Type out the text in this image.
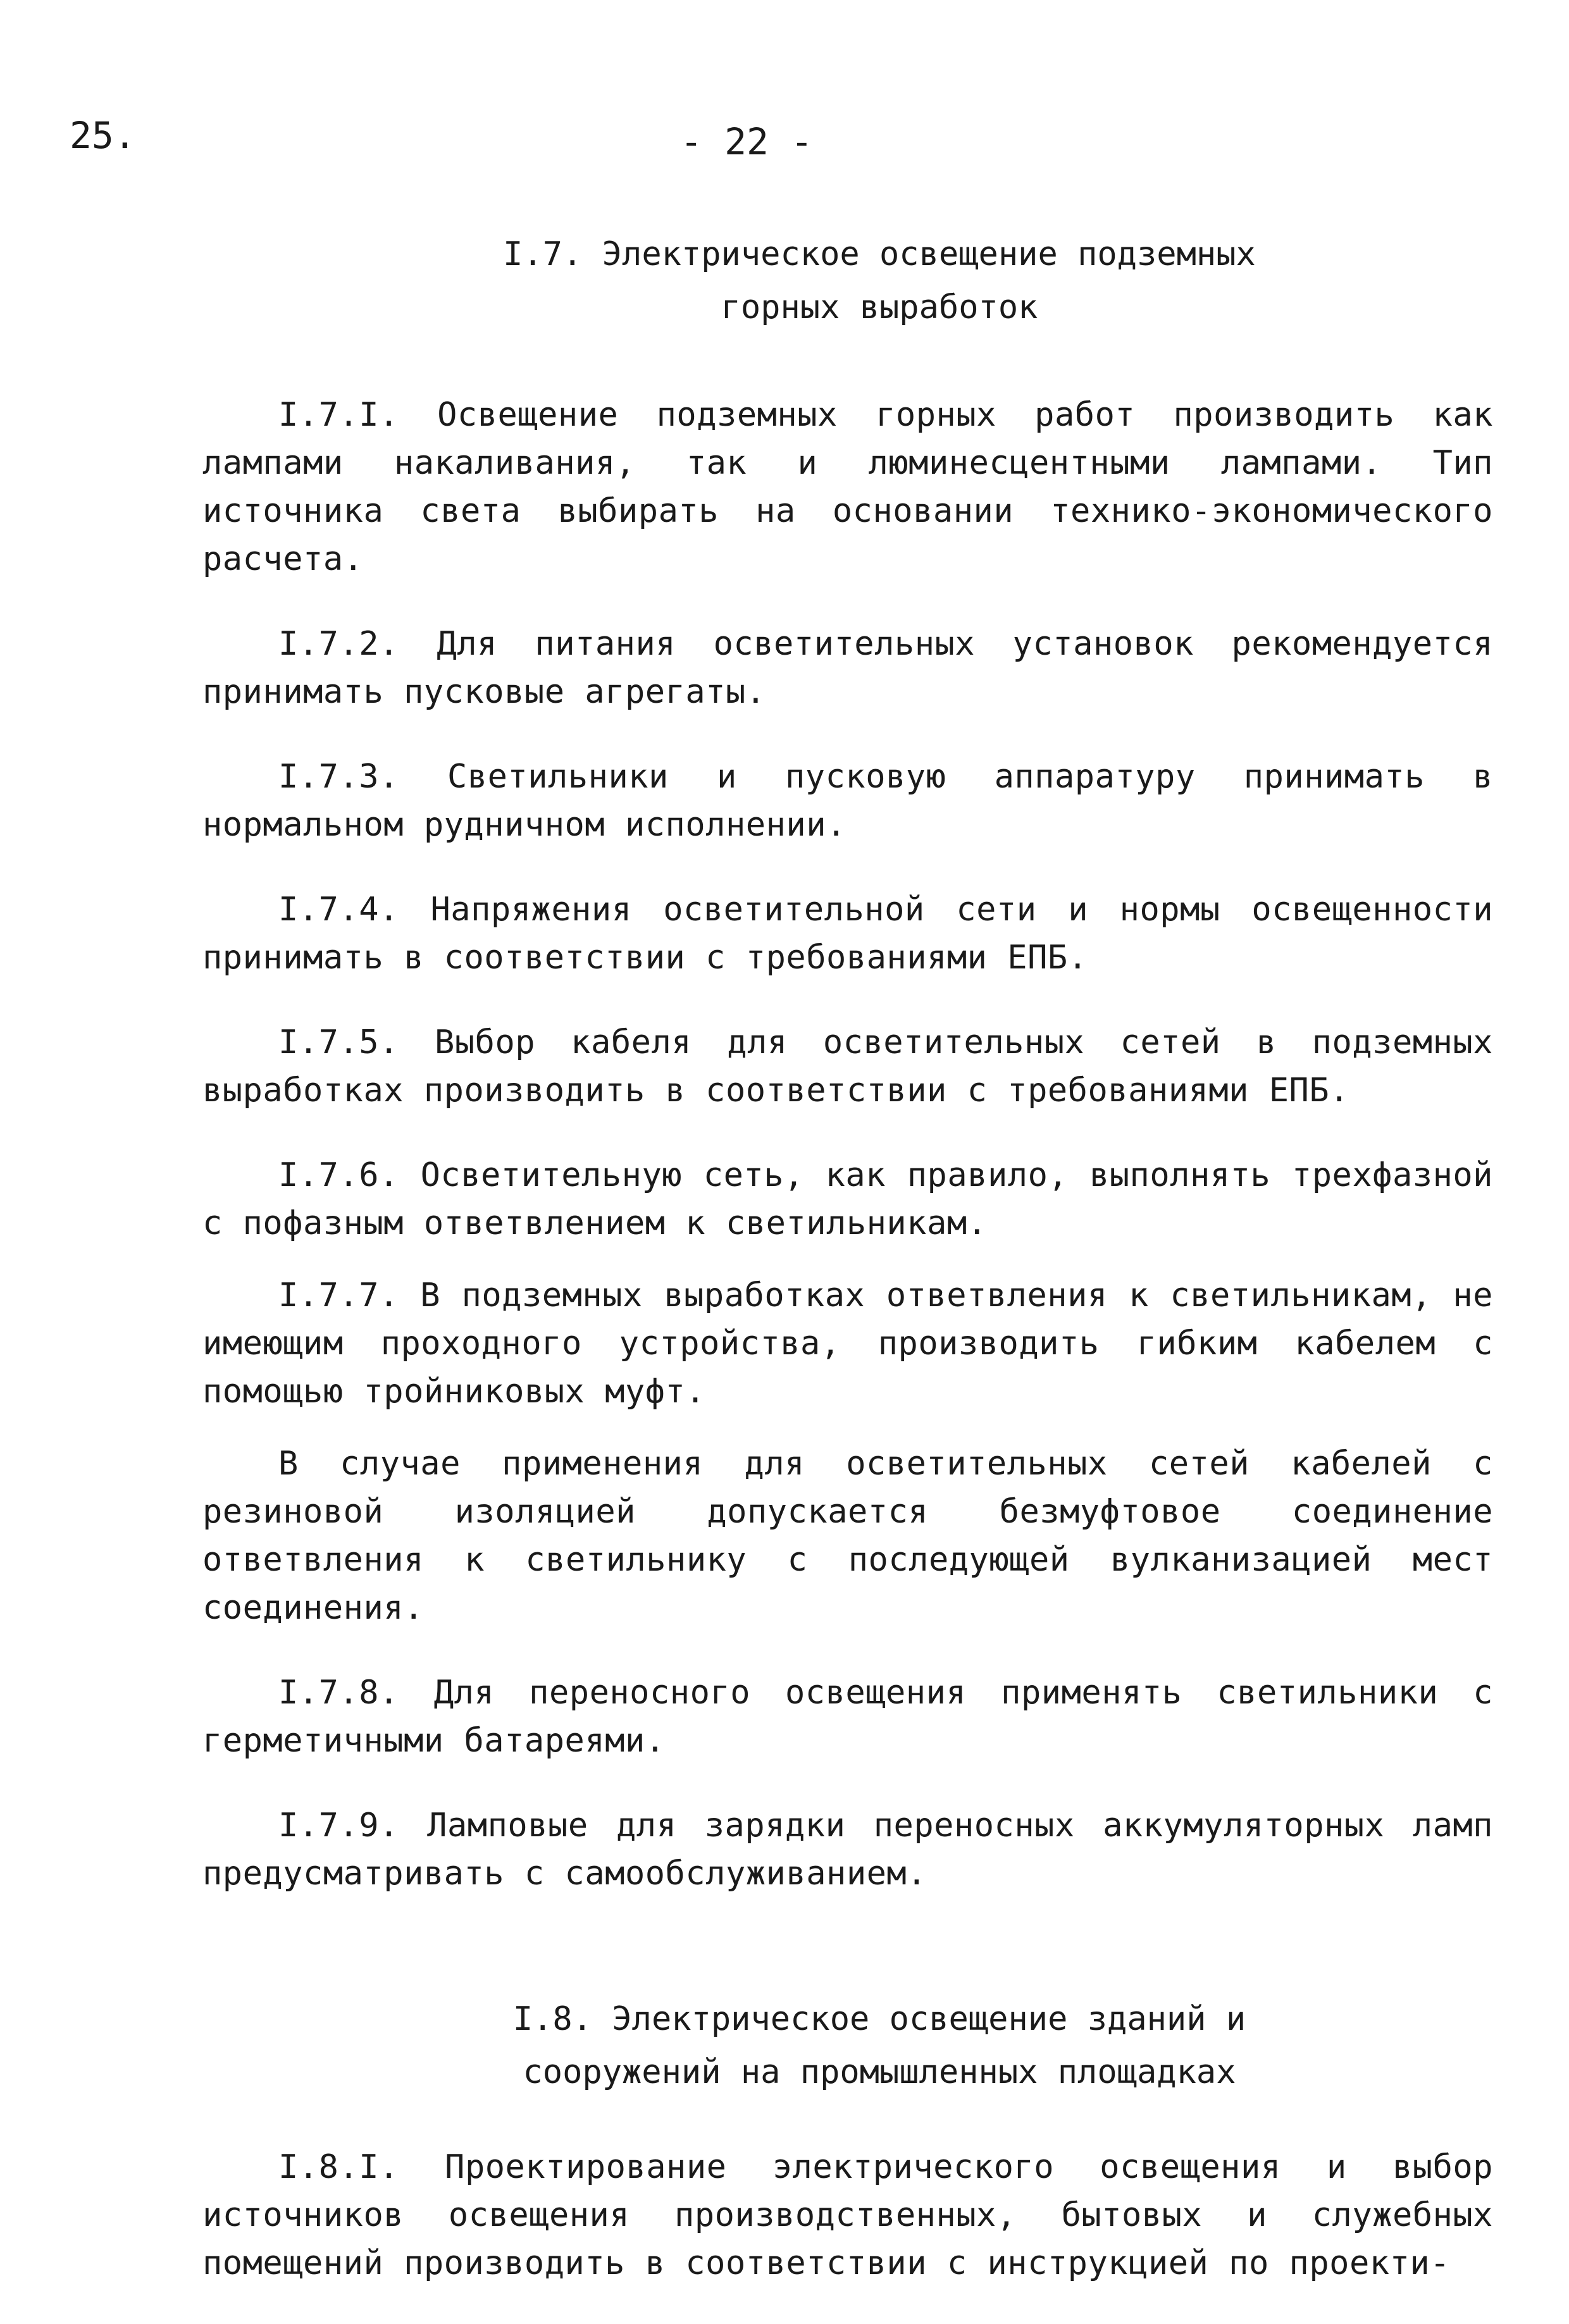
25.	- 22 -
I.7. Электрическое освещение подземных
горных выработок

I.7.I. Освещение подземных горных работ производить как лампами накаливания, так и люминесцентными лампами. Тип источника света выбирать на основании технико-экономического расчета.

I.7.2. Для питания осветительных установок рекомендуется принимать пусковые агрегаты.

I.7.3. Светильники и пусковую аппаратуру принимать в нормальном рудничном исполнении.

I.7.4. Напряжения осветительной сети и нормы освещенности принимать в соответствии с требованиями ЕПБ.

I.7.5. Выбор кабеля для осветительных сетей в подземных выработках производить в соответствии с требованиями ЕПБ.

I.7.6. Осветительную сеть, как правило, выполнять трехфазной с пофазным ответвлением к светильникам.

I.7.7. В подземных выработках ответвления к светильникам, не имеющим проходного устройства, производить гибким кабелем с помощью тройниковых муфт.

В случае применения для осветительных сетей кабелей с резиновой изоляцией допускается безмуфтовое соединение ответвления к светильнику с последующей вулканизацией мест соединения.

I.7.8. Для переносного освещения применять светильники с герметичными батареями.

I.7.9. Ламповые для зарядки переносных аккумуляторных ламп предусматривать с самообслуживанием.

I.8. Электрическое освещение зданий и
сооружений на промышленных площадках

I.8.I. Проектирование электрического освещения и выбор источников освещения производственных, бытовых и служебных помещений производить в соответствии с инструкцией по проекти-
